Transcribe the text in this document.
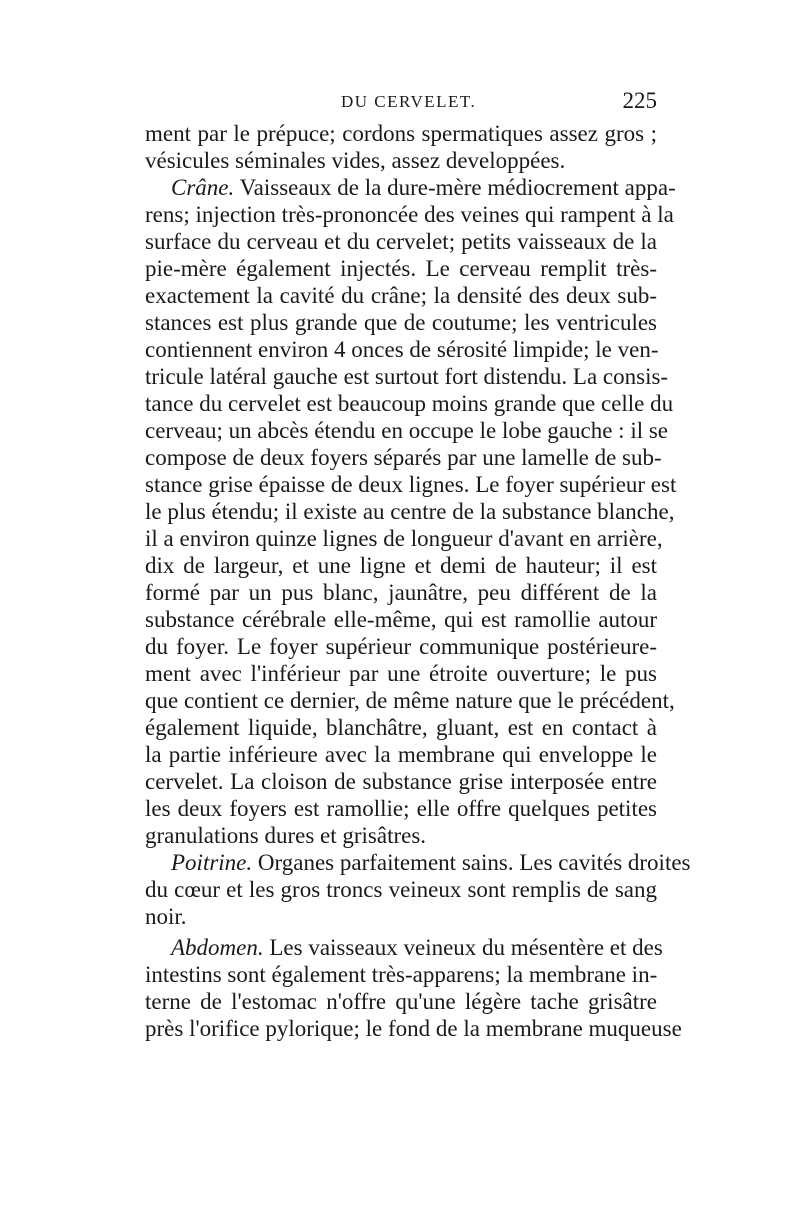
DU CERVELET.	225
ment par le prépuce; cordons spermatiques assez gros ;
vésicules séminales vides, assez developpées.
Crâne. Vaisseaux de la dure-mère médiocrement appa-
rens; injection très-prononcée des veines qui rampent à la
surface du cerveau et du cervelet; petits vaisseaux de la
pie-mère également injectés. Le cerveau remplit très-
exactement la cavité du crâne; la densité des deux sub-
stances est plus grande que de coutume; les ventricules
contiennent environ 4 onces de sérosité limpide; le ven-
tricule latéral gauche est surtout fort distendu. La consis-
tance du cervelet est beaucoup moins grande que celle du
cerveau; un abcès étendu en occupe le lobe gauche : il se
compose de deux foyers séparés par une lamelle de sub-
stance grise épaisse de deux lignes. Le foyer supérieur est
le plus étendu; il existe au centre de la substance blanche,
il a environ quinze lignes de longueur d'avant en arrière,
dix de largeur, et une ligne et demi de hauteur; il est
formé par un pus blanc, jaunâtre, peu différent de la
substance cérébrale elle-même, qui est ramollie autour
du foyer. Le foyer supérieur communique postérieure-
ment avec l'inférieur par une étroite ouverture; le pus
que contient ce dernier, de même nature que le précédent,
également liquide, blanchâtre, gluant, est en contact à
la partie inférieure avec la membrane qui enveloppe le
cervelet. La cloison de substance grise interposée entre
les deux foyers est ramollie; elle offre quelques petites
granulations dures et grisâtres.
Poitrine. Organes parfaitement sains. Les cavités droites
du cœur et les gros troncs veineux sont remplis de sang
noir.
Abdomen. Les vaisseaux veineux du mésentère et des
intestins sont également très-apparens; la membrane in-
terne de l'estomac n'offre qu'une légère tache grisâtre
près l'orifice pylorique; le fond de la membrane muqueuse
